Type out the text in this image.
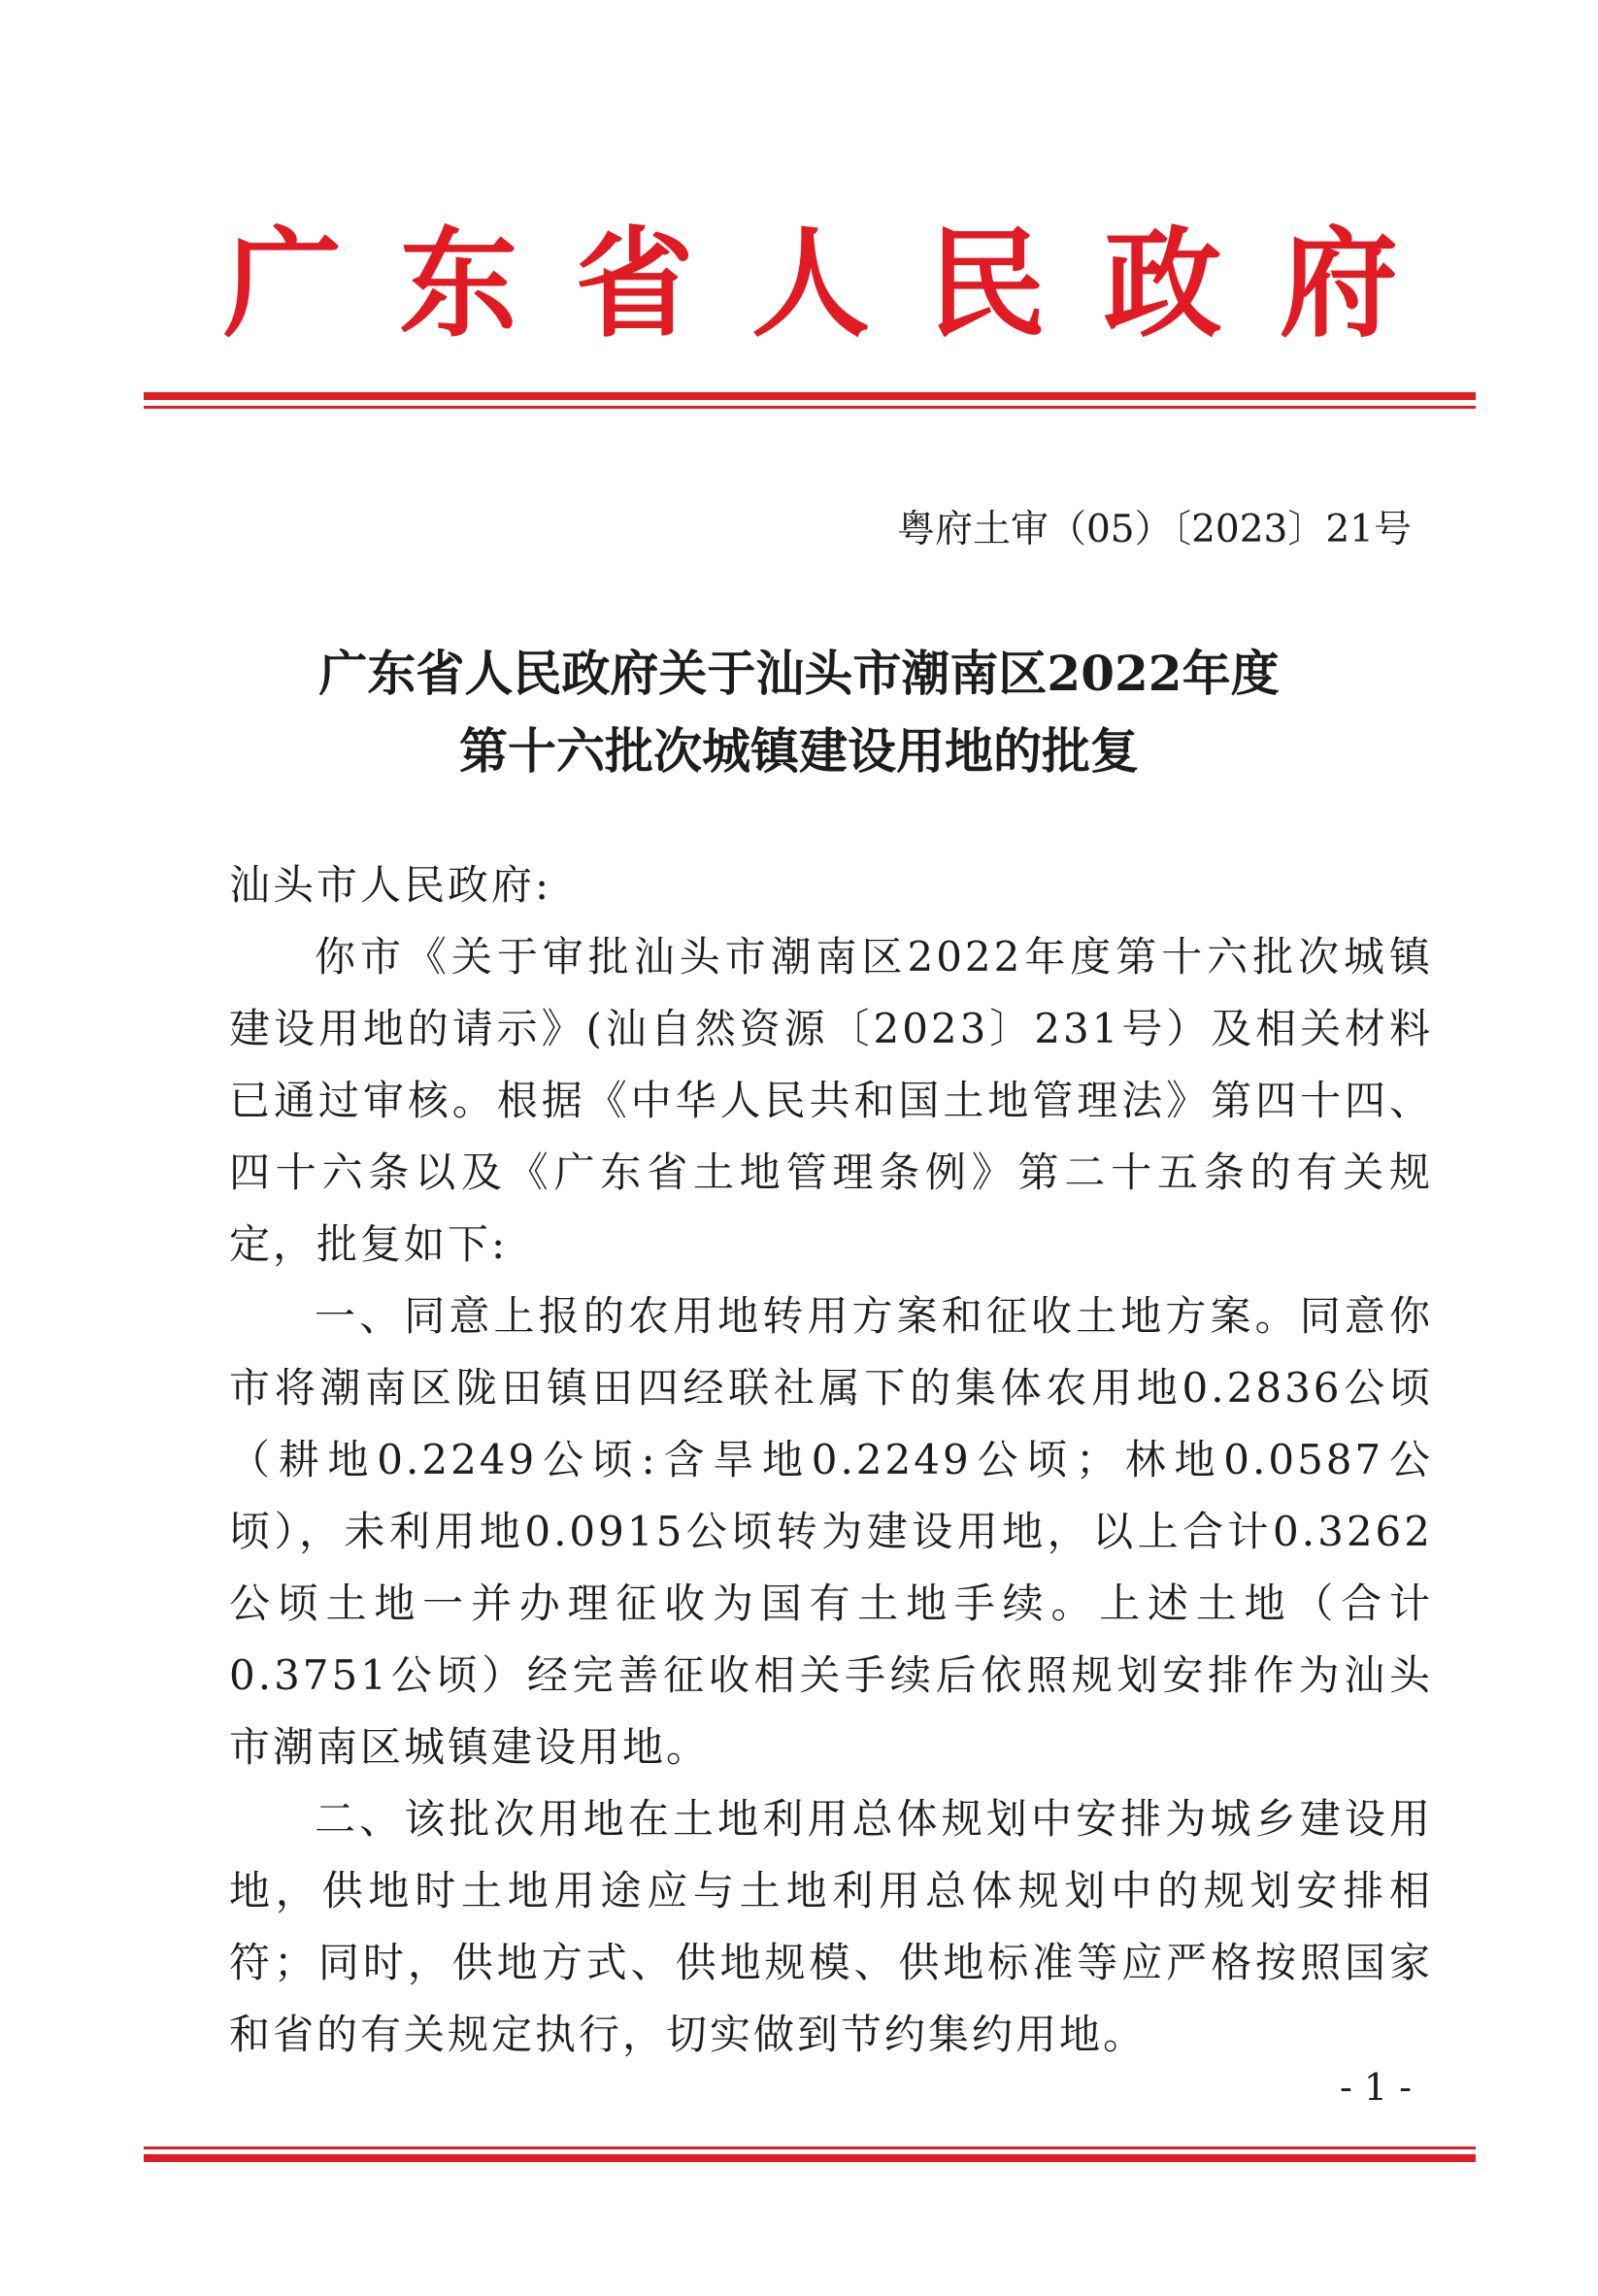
广 东 省 人 民 政 府
粤府土审（05）〔2023〕21号
广东省人民政府关于汕头市潮南区2022年度
第十六批次城镇建设用地的批复

汕头市人民政府:

你市《关于审批汕头市潮南区2022年度第十六批次城镇建设用地的请示》(汕自然资源〔2023〕231号）及相关材料已通过审核。根据《中华人民共和国土地管理法》第四十四、四十六条以及《广东省土地管理条例》第二十五条的有关规定，批复如下:

一、同意上报的农用地转用方案和征收土地方案。同意你市将潮南区陇田镇田四经联社属下的集体农用地0.2836公顷（耕地0.2249公顷:含旱地0.2249公顷；林地0.0587公顷），未利用地0.0915公顷转为建设用地，以上合计0.3262公顷土地一并办理征收为国有土地手续。上述土地（合计0.3751公顷）经完善征收相关手续后依照规划安排作为汕头市潮南区城镇建设用地。

二、该批次用地在土地利用总体规划中安排为城乡建设用地，供地时土地用途应与土地利用总体规划中的规划安排相符；同时，供地方式、供地规模、供地标准等应严格按照国家和省的有关规定执行，切实做到节约集约用地。

- 1 -
